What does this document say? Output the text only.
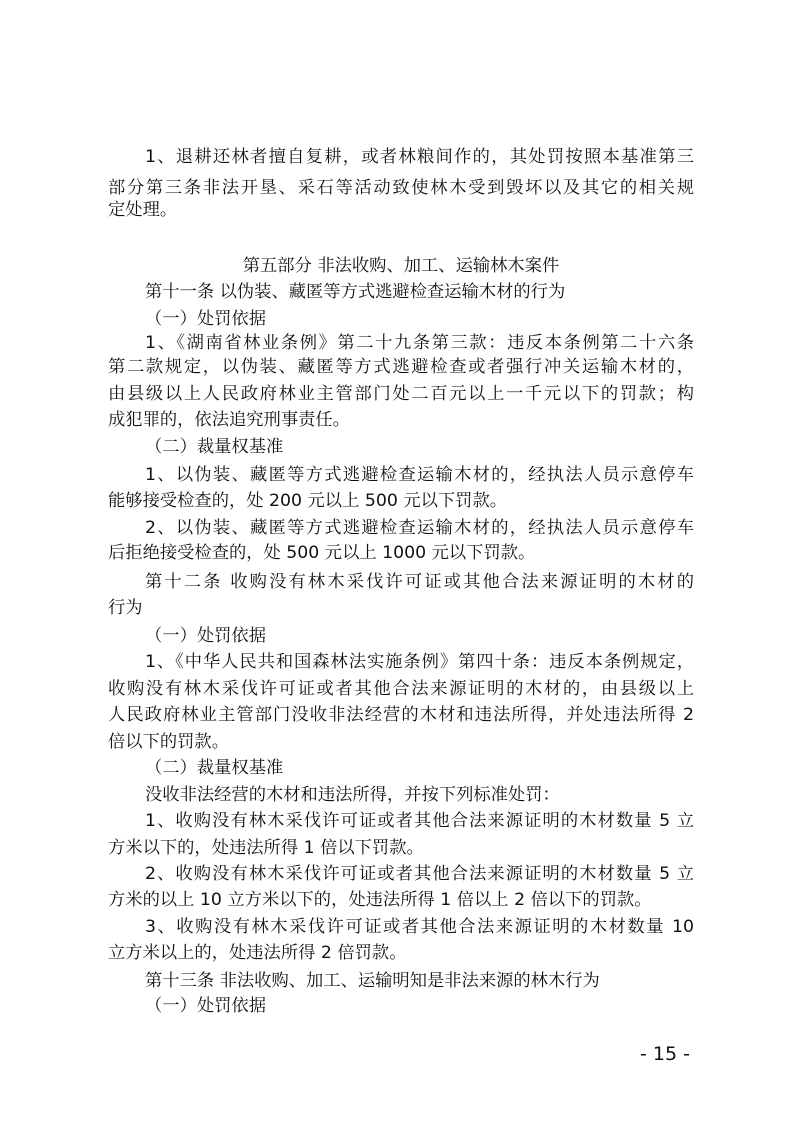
1、退耕还林者擅自复耕，或者林粮间作的，其处罚按照本基准第三
部分第三条非法开垦、采石等活动致使林木受到毁坏以及其它的相关规
定处理。
第五部分 非法收购、加工、运输林木案件
第十一条 以伪装、藏匿等方式逃避检查运输木材的行为
（一）处罚依据
1、《湖南省林业条例》第二十九条第三款：违反本条例第二十六条
第二款规定，以伪装、藏匿等方式逃避检查或者强行冲关运输木材的，
由县级以上人民政府林业主管部门处二百元以上一千元以下的罚款；构
成犯罪的，依法追究刑事责任。
（二）裁量权基准
1、以伪装、藏匿等方式逃避检查运输木材的，经执法人员示意停车
能够接受检查的，处 200 元以上 500 元以下罚款。
2、以伪装、藏匿等方式逃避检查运输木材的，经执法人员示意停车
后拒绝接受检查的，处 500 元以上 1000 元以下罚款。
第十二条 收购没有林木采伐许可证或其他合法来源证明的木材的
行为
（一）处罚依据
1、《中华人民共和国森林法实施条例》第四十条：违反本条例规定，
收购没有林木采伐许可证或者其他合法来源证明的木材的，由县级以上
人民政府林业主管部门没收非法经营的木材和违法所得，并处违法所得 2
倍以下的罚款。
（二）裁量权基准
没收非法经营的木材和违法所得，并按下列标准处罚：
1、收购没有林木采伐许可证或者其他合法来源证明的木材数量 5 立
方米以下的，处违法所得 1 倍以下罚款。
2、收购没有林木采伐许可证或者其他合法来源证明的木材数量 5 立
方米的以上 10 立方米以下的，处违法所得 1 倍以上 2 倍以下的罚款。
3、收购没有林木采伐许可证或者其他合法来源证明的木材数量 10
立方米以上的，处违法所得 2 倍罚款。
第十三条 非法收购、加工、运输明知是非法来源的林木行为
（一）处罚依据
- 15 -
